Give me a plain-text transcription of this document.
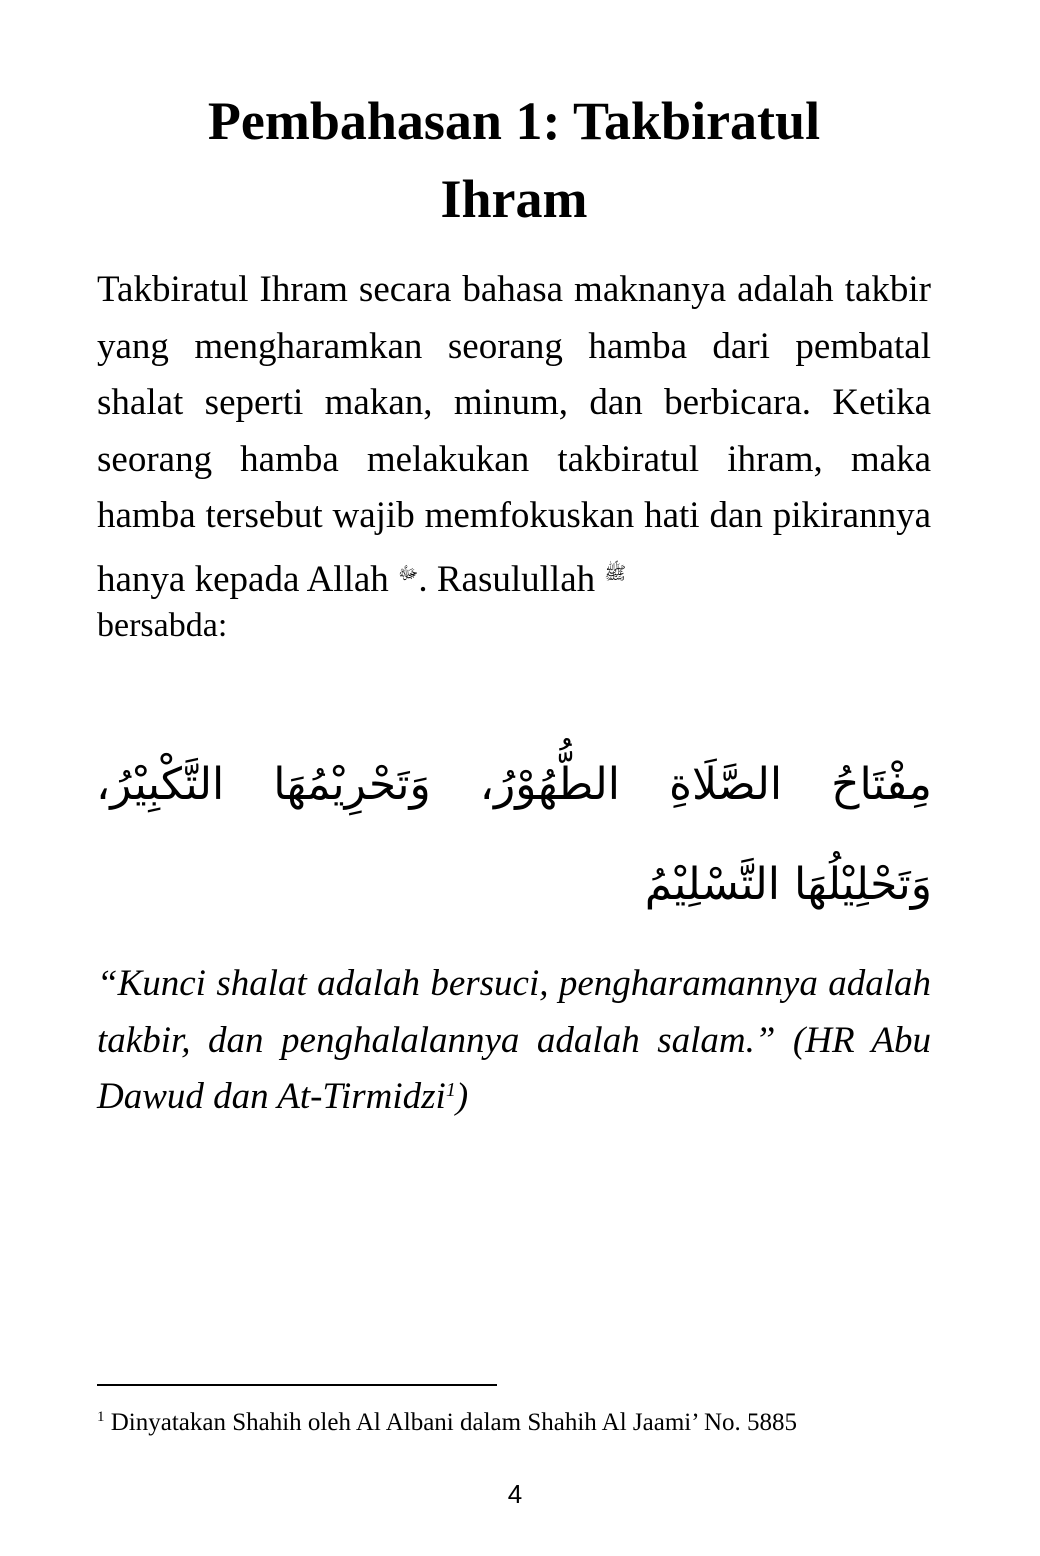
Pembahasan 1: Takbiratul
Ihram

Takbiratul Ihram secara bahasa maknanya adalah takbir yang mengharamkan seorang hamba dari pembatal shalat seperti makan, minum, dan berbicara. Ketika seorang hamba melakukan takbiratul ihram, maka hamba tersebut wajib memfokuskan hati dan pikirannya hanya kepada Allah $^ﷻ$. Rasulullah $^ﷺ$
bersabda:

مِفْتَاحُ الصَّلَاةِ الطُّهُوْرُ، وَتَحْرِيْمُهَا التَّكْبِيْرُ، وَتَحْلِيْلُهَا التَّسْلِيْمُ

“Kunci shalat adalah bersuci, pengharamannya adalah takbir, dan penghalalannya adalah salam.” (HR Abu Dawud dan At-Tirmidzi$^1$)

$^1$ Dinyatakan Shahih oleh Al Albani dalam Shahih Al Jaami’ No. 5885

4
